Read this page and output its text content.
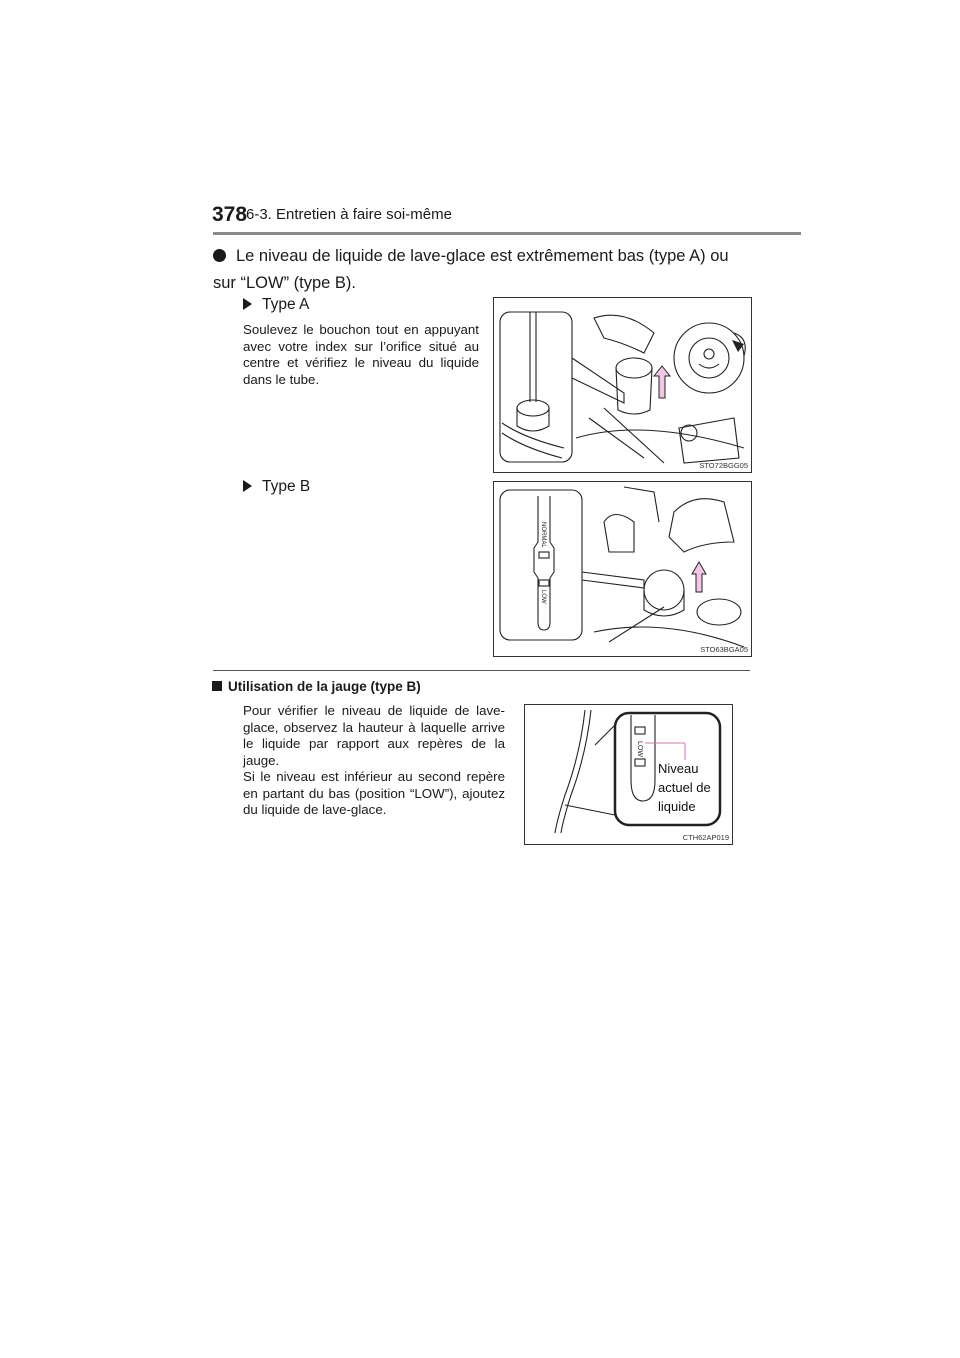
378
6-3. Entretien à faire soi-même
Le niveau de liquide de lave-glace est extrêmement bas (type A) ou sur “LOW” (type B).
Type A
Soulevez le bouchon tout en appuyant avec votre index sur l’orifice situé au centre et vérifiez le niveau du liquide dans le tube.
STO72BGG05
Type B
NORMAL
LOW
STO63BGA05
Utilisation de la jauge (type B)
Pour vérifier le niveau de liquide de lave-glace, observez la hauteur à laquelle arrive le liquide par rapport aux repères de la jauge.
Si le niveau est inférieur au second repère en partant du bas (position “LOW”), ajoutez du liquide de lave-glace.
LOW
Niveau
actuel de
liquide
CTH62AP019
